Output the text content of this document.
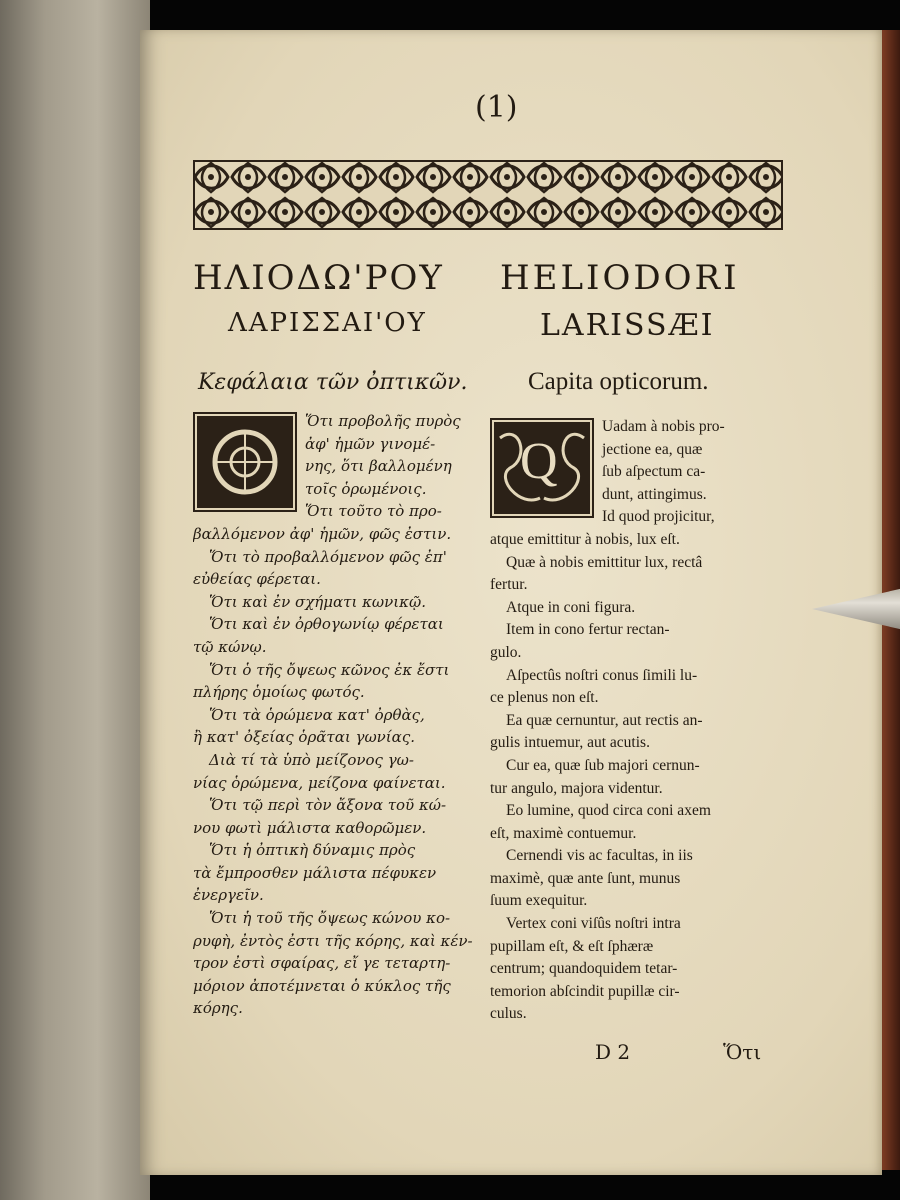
(1)
ΗΛΙΟΔΩ'ΡΟΥ HELIODORI
ΛΑΡΙΣΣΑΙ'ΟΥ	LARISSÆI
Κεφάλαια τῶν ὀπτικῶν. Capita opticorum.
Q

Ὅτι προβολῆς πυρὸς

ἀφ' ἡμῶν γινομέ-

νης, ὅτι βαλλομένη

τοῖς ὁρωμένοις.

Ὅτι τοῦτο τὸ προ-

βαλλόμενον ἀφ' ἡμῶν, φῶς ἐστιν.

Ὅτι τὸ προβαλλόμενον φῶς ἐπ'

εὐθείας φέρεται.

Ὅτι καὶ ἐν σχήματι κωνικῷ.

Ὅτι καὶ ἐν ὀρθογωνίῳ φέρεται

τῷ κώνῳ.

Ὅτι ὁ τῆς ὄψεως κῶνος ἐκ ἔστι

πλήρης ὁμοίως φωτός.

Ὅτι τὰ ὁρώμενα κατ' ὀρθὰς,

ἢ κατ' ὀξείας ὁρᾶται γωνίας.

Διὰ τί τὰ ὑπὸ μείζονος γω-

νίας ὁρώμενα, μείζονα φαίνεται.

Ὅτι τῷ περὶ τὸν ἄξονα τοῦ κώ-

νου φωτὶ μάλιστα καθορῶμεν.

Ὅτι ἡ ὀπτικὴ δύναμις πρὸς

τὰ ἔμπροσθεν μάλιστα πέφυκεν

ἐνεργεῖν.

Ὅτι ἡ τοῦ τῆς ὄψεως κώνου κο-

ρυφὴ, ἐντὸς ἐστι τῆς κόρης, καὶ κέν-

τρον ἐστὶ σφαίρας, εἴ γε τεταρτη-

μόριον ἀποτέμνεται ὁ κύκλος τῆς

κόρης.

Uadam à nobis pro-

jectione ea, quæ

ſub aſpectum ca-

dunt, attingimus.

Id quod projicitur,

atque emittitur à nobis, lux eſt.

Quæ à nobis emittitur lux, rectâ

fertur.

Atque in coni figura.

Item in cono fertur rectan-

gulo.

Aſpectûs noſtri conus ſimili lu-

ce plenus non eſt.

Ea quæ cernuntur, aut rectis an-

gulis intuemur, aut acutis.

Cur ea, quæ ſub majori cernun-

tur angulo, majora videntur.

Eo lumine, quod circa coni axem

eſt, maximè contuemur.

Cernendi vis ac facultas, in iis

maximè, quæ ante ſunt, munus

ſuum exequitur.

Vertex coni viſûs noſtri intra

pupillam eſt, & eſt ſphæræ

centrum; quandoquidem tetar-

temorion abſcindit pupillæ cir-

culus.

D 2	Ὅτι
